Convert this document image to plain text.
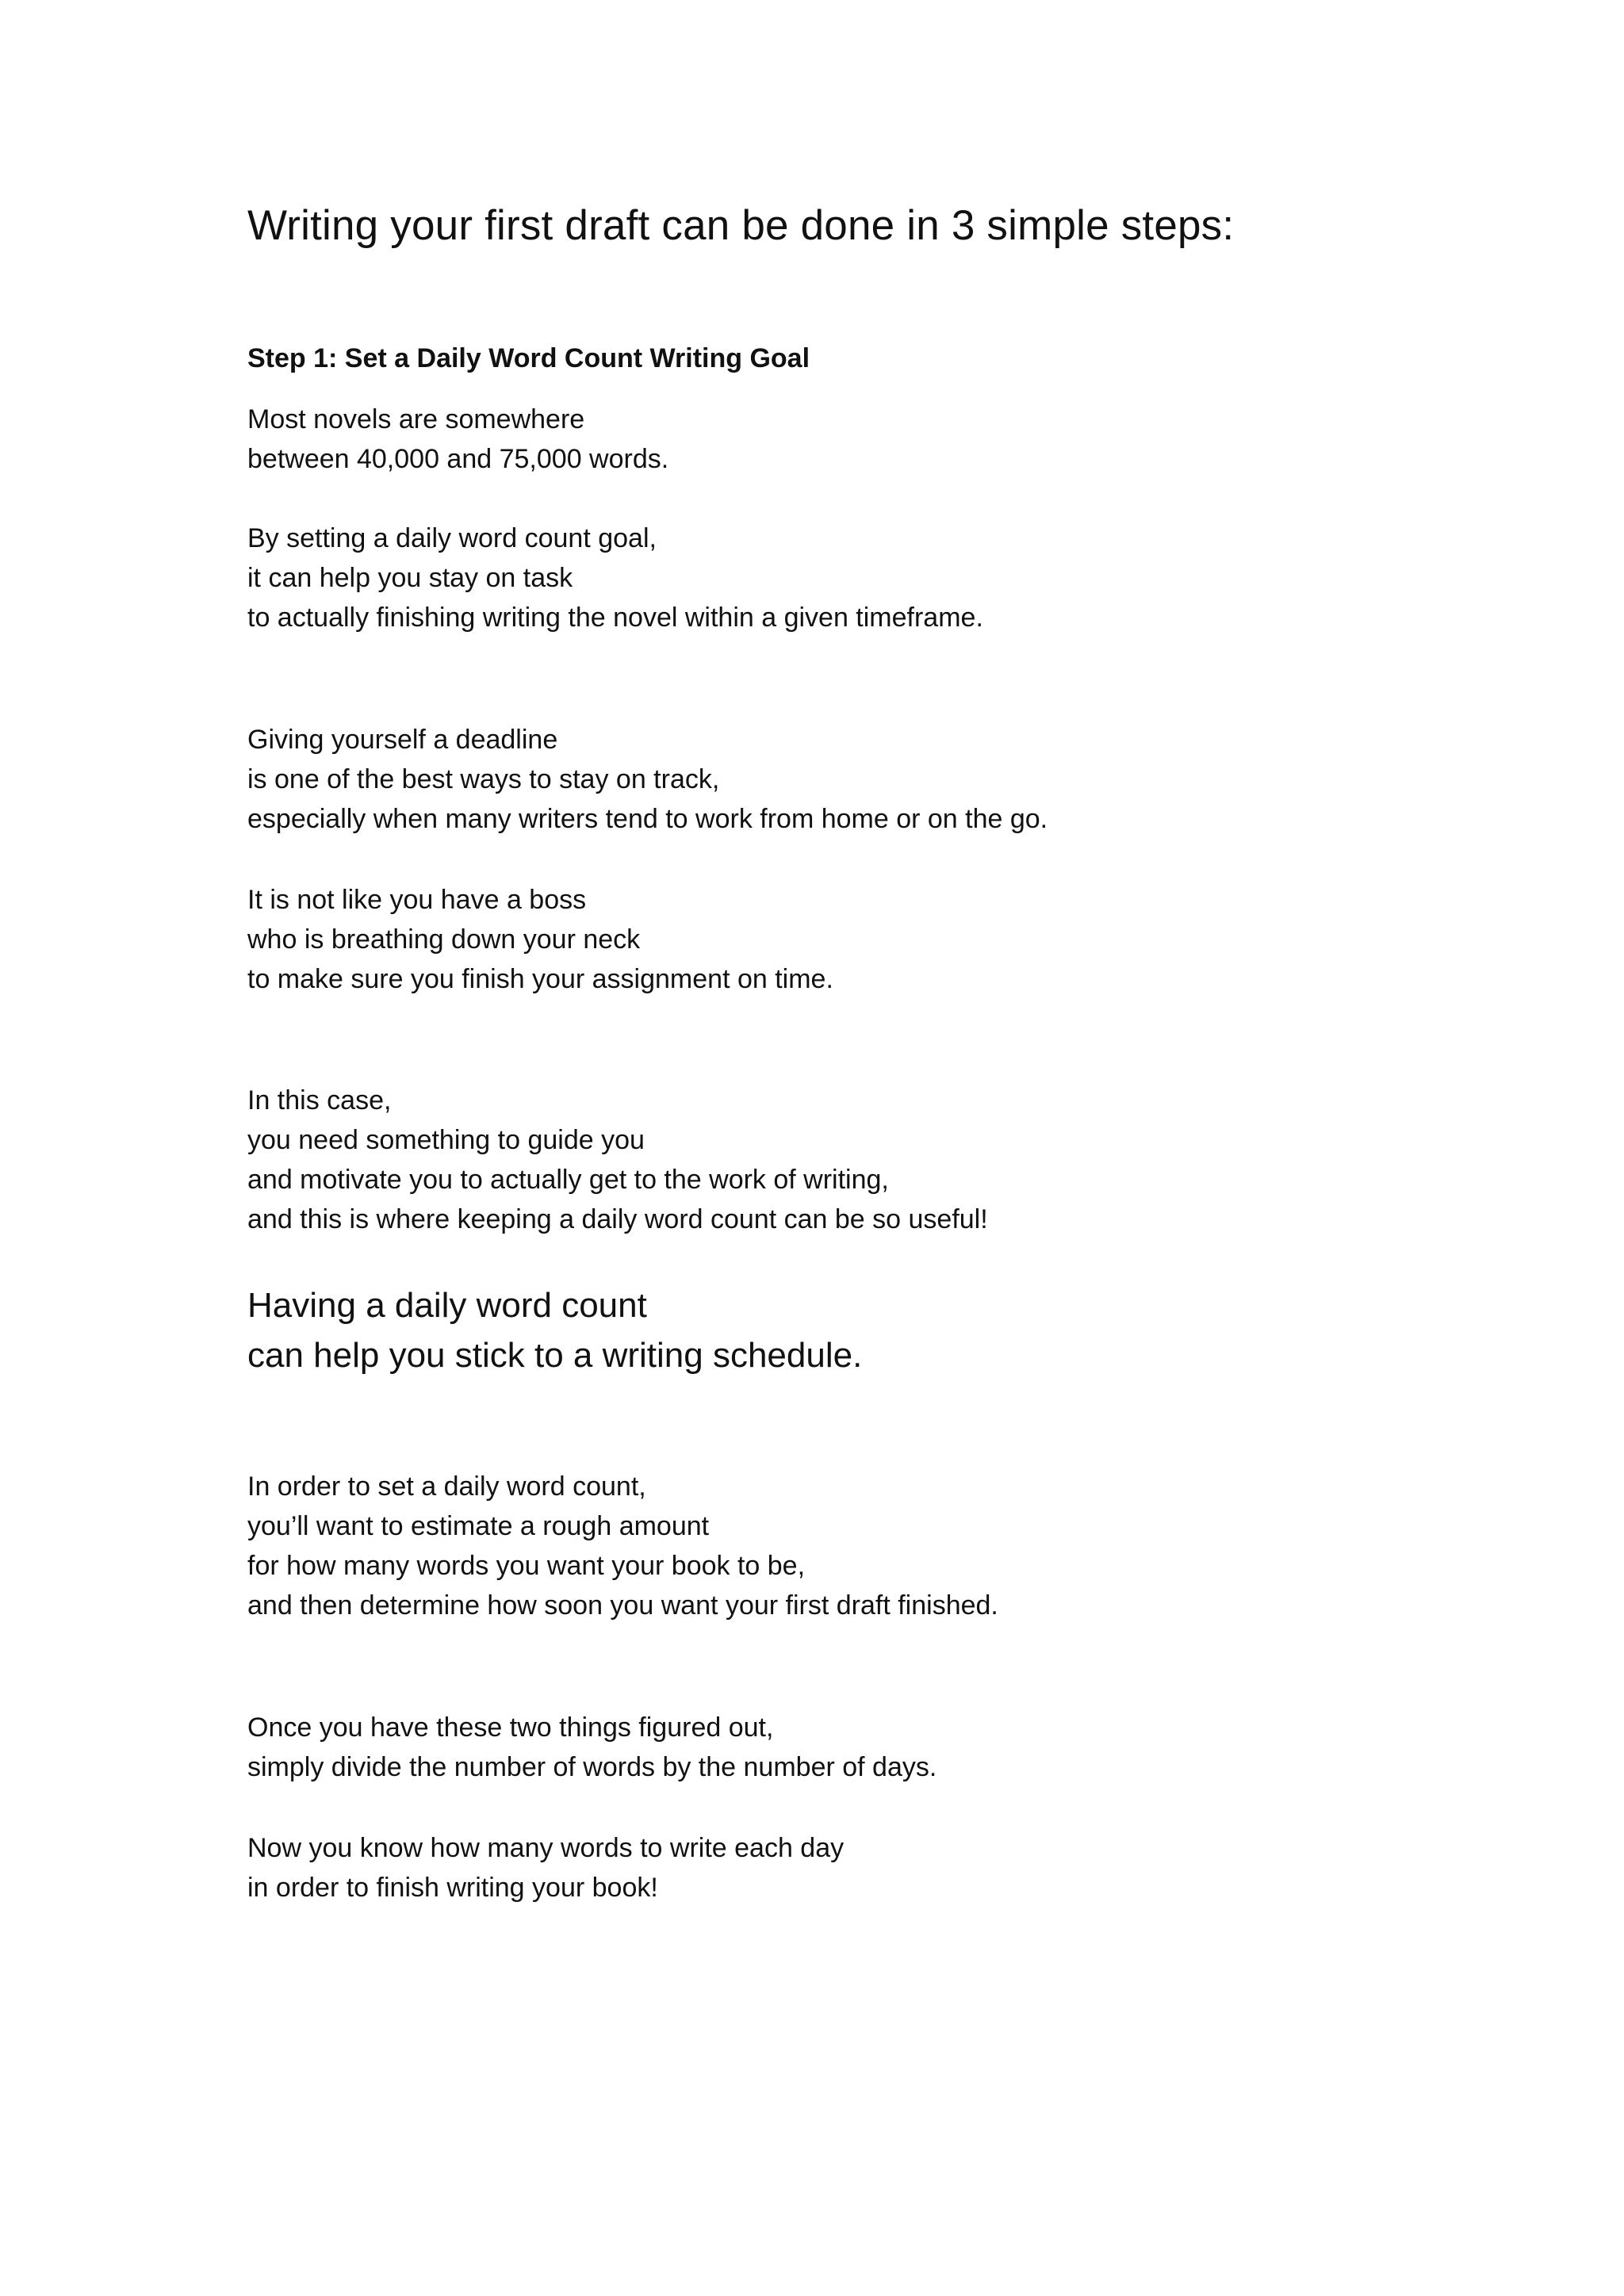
Writing your first draft can be done in 3 simple steps:
Step 1: Set a Daily Word Count Writing Goal

Most novels are somewhere
between 40,000 and 75,000 words.

By setting a daily word count goal,
it can help you stay on task
to actually finishing writing the novel within a given timeframe.

Giving yourself a deadline
is one of the best ways to stay on track,
especially when many writers tend to work from home or on the go.

It is not like you have a boss
who is breathing down your neck
to make sure you finish your assignment on time.

In this case,
you need something to guide you
and motivate you to actually get to the work of writing,
and this is where keeping a daily word count can be so useful!

Having a daily word count
can help you stick to a writing schedule.

In order to set a daily word count,
you’ll want to estimate a rough amount
for how many words you want your book to be,
and then determine how soon you want your first draft finished.

Once you have these two things figured out,
simply divide the number of words by the number of days.

Now you know how many words to write each day
in order to finish writing your book!
